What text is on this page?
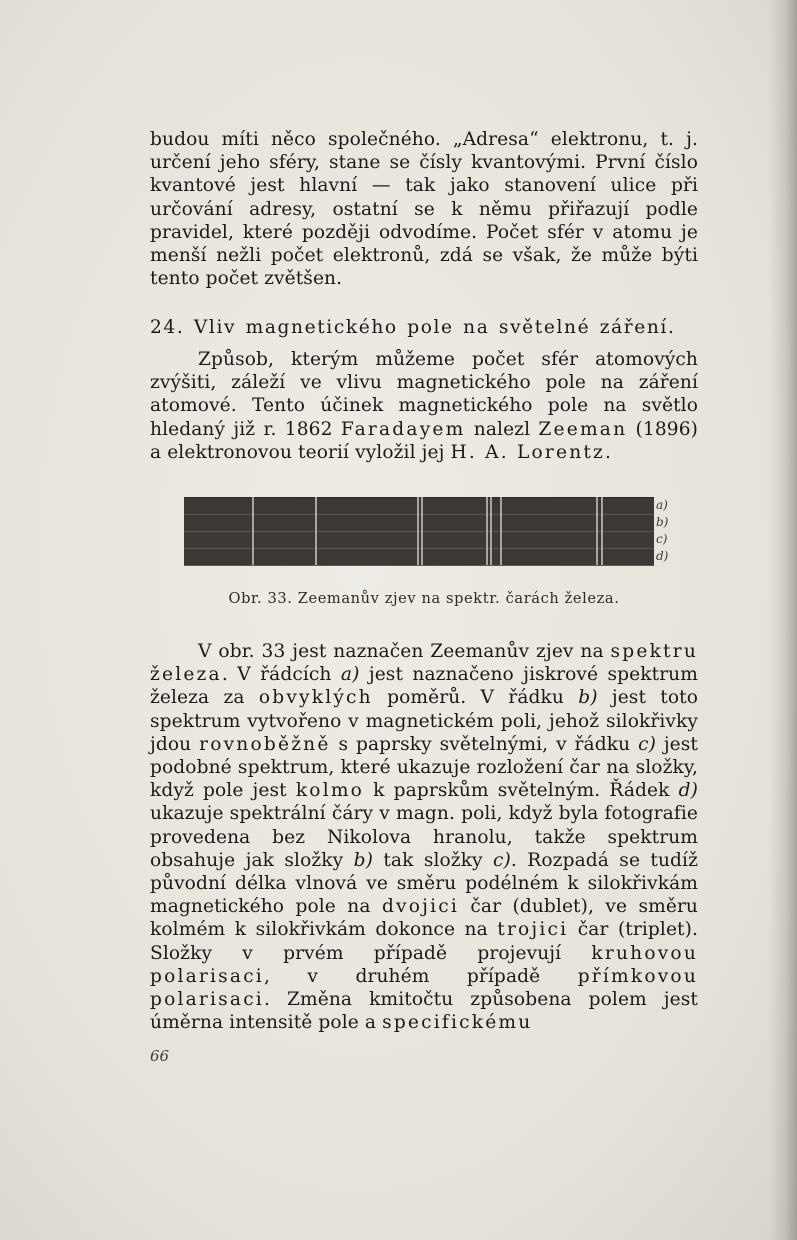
budou míti něco společného. „Adresa“ elektronu, t. j. určení jeho sféry, stane se čísly kvantovými. První číslo kvantové jest hlavní — tak jako stanovení ulice při určování adresy, ostatní se k němu přiřazují podle pravidel, které později odvodíme. Počet sfér v atomu je menší nežli počet elektronů, zdá se však, že může býti tento počet zvětšen.

24. Vliv magnetického pole na světelné záření.

Způsob, kterým můžeme počet sfér atomových zvýšiti, záleží ve vlivu magnetického pole na záření atomové. Tento účinek magnetického pole na světlo hledaný již r. 1862 Faradayem nalezl Zeeman (1896) a elektronovou teorií vyložil jej H. A. Lorentz.

a)
b)
c)
d)
Obr. 33. Zeemanův zjev na spektr. čarách železa.

V obr. 33 jest naznačen Zeemanův zjev na spektru železa. V řádcích a) jest naznačeno jiskrové spektrum železa za obvyklých poměrů. V řádku b) jest toto spektrum vytvořeno v magnetickém poli, jehož silokřivky jdou rovnoběžně s paprsky světelnými, v řádku c) jest podobné spektrum, které ukazuje rozložení čar na složky, když pole jest kolmo k paprskům světelným. Řádek d) ukazuje spektrální čáry v magn. poli, když byla fotografie provedena bez Nikolova hranolu, takže spektrum obsahuje jak složky b) tak složky c). Rozpadá se tudíž původní délka vlnová ve směru podélném k silokřivkám magnetického pole na dvojici čar (dublet), ve směru kolmém k silokřivkám dokonce na trojici čar (triplet). Složky v prvém případě projevují kruhovou polarisaci, v druhém případě přímkovou polarisaci. Změna kmitočtu způsobena polem jest úměrna intensitě pole a specifickému

66
